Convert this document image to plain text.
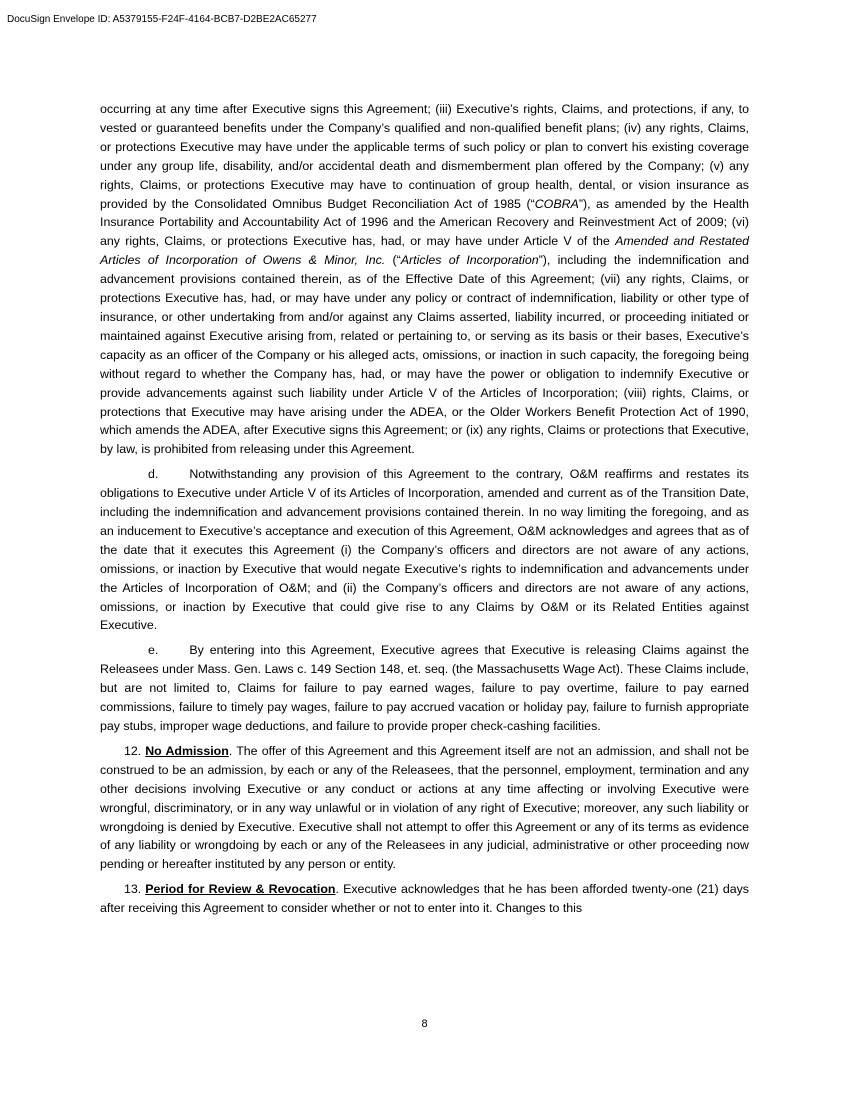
DocuSign Envelope ID: A5379155-F24F-4164-BCB7-D2BE2AC65277

occurring at any time after Executive signs this Agreement; (iii) Executive’s rights, Claims, and protections, if any, to vested or guaranteed benefits under the Company’s qualified and non-qualified benefit plans; (iv) any rights, Claims, or protections Executive may have under the applicable terms of such policy or plan to convert his existing coverage under any group life, disability, and/or accidental death and dismemberment plan offered by the Company; (v) any rights, Claims, or protections Executive may have to continuation of group health, dental, or vision insurance as provided by the Consolidated Omnibus Budget Reconciliation Act of 1985 (“COBRA”), as amended by the Health Insurance Portability and Accountability Act of 1996 and the American Recovery and Reinvestment Act of 2009; (vi) any rights, Claims, or protections Executive has, had, or may have under Article V of the Amended and Restated Articles of Incorporation of Owens & Minor, Inc. (“Articles of Incorporation”), including the indemnification and advancement provisions contained therein, as of the Effective Date of this Agreement; (vii) any rights, Claims, or protections Executive has, had, or may have under any policy or contract of indemnification, liability or other type of insurance, or other undertaking from and/or against any Claims asserted, liability incurred, or proceeding initiated or maintained against Executive arising from, related or pertaining to, or serving as its basis or their bases, Executive’s capacity as an officer of the Company or his alleged acts, omissions, or inaction in such capacity, the foregoing being without regard to whether the Company has, had, or may have the power or obligation to indemnify Executive or provide advancements against such liability under Article V of the Articles of Incorporation; (viii) rights, Claims, or protections that Executive may have arising under the ADEA, or the Older Workers Benefit Protection Act of 1990, which amends the ADEA, after Executive signs this Agreement; or (ix) any rights, Claims or protections that Executive, by law, is prohibited from releasing under this Agreement.

d.	Notwithstanding any provision of this Agreement to the contrary, O&M reaffirms and restates its obligations to Executive under Article V of its Articles of Incorporation, amended and current as of the Transition Date, including the indemnification and advancement provisions contained therein. In no way limiting the foregoing, and as an inducement to Executive’s acceptance and execution of this Agreement, O&M acknowledges and agrees that as of the date that it executes this Agreement (i) the Company’s officers and directors are not aware of any actions, omissions, or inaction by Executive that would negate Executive’s rights to indemnification and advancements under the Articles of Incorporation of O&M; and (ii) the Company’s officers and directors are not aware of any actions, omissions, or inaction by Executive that could give rise to any Claims by O&M or its Related Entities against Executive.

e.	By entering into this Agreement, Executive agrees that Executive is releasing Claims against the Releasees under Mass. Gen. Laws c. 149 Section 148, et. seq. (the Massachusetts Wage Act). These Claims include, but are not limited to, Claims for failure to pay earned wages, failure to pay overtime, failure to pay earned commissions, failure to timely pay wages, failure to pay accrued vacation or holiday pay, failure to furnish appropriate pay stubs, improper wage deductions, and failure to provide proper check-cashing facilities.

12. No Admission. The offer of this Agreement and this Agreement itself are not an admission, and shall not be construed to be an admission, by each or any of the Releasees, that the personnel, employment, termination and any other decisions involving Executive or any conduct or actions at any time affecting or involving Executive were wrongful, discriminatory, or in any way unlawful or in violation of any right of Executive; moreover, any such liability or wrongdoing is denied by Executive. Executive shall not attempt to offer this Agreement or any of its terms as evidence of any liability or wrongdoing by each or any of the Releasees in any judicial, administrative or other proceeding now pending or hereafter instituted by any person or entity.

13. Period for Review & Revocation. Executive acknowledges that he has been afforded twenty-one (21) days after receiving this Agreement to consider whether or not to enter into it. Changes to this

8
